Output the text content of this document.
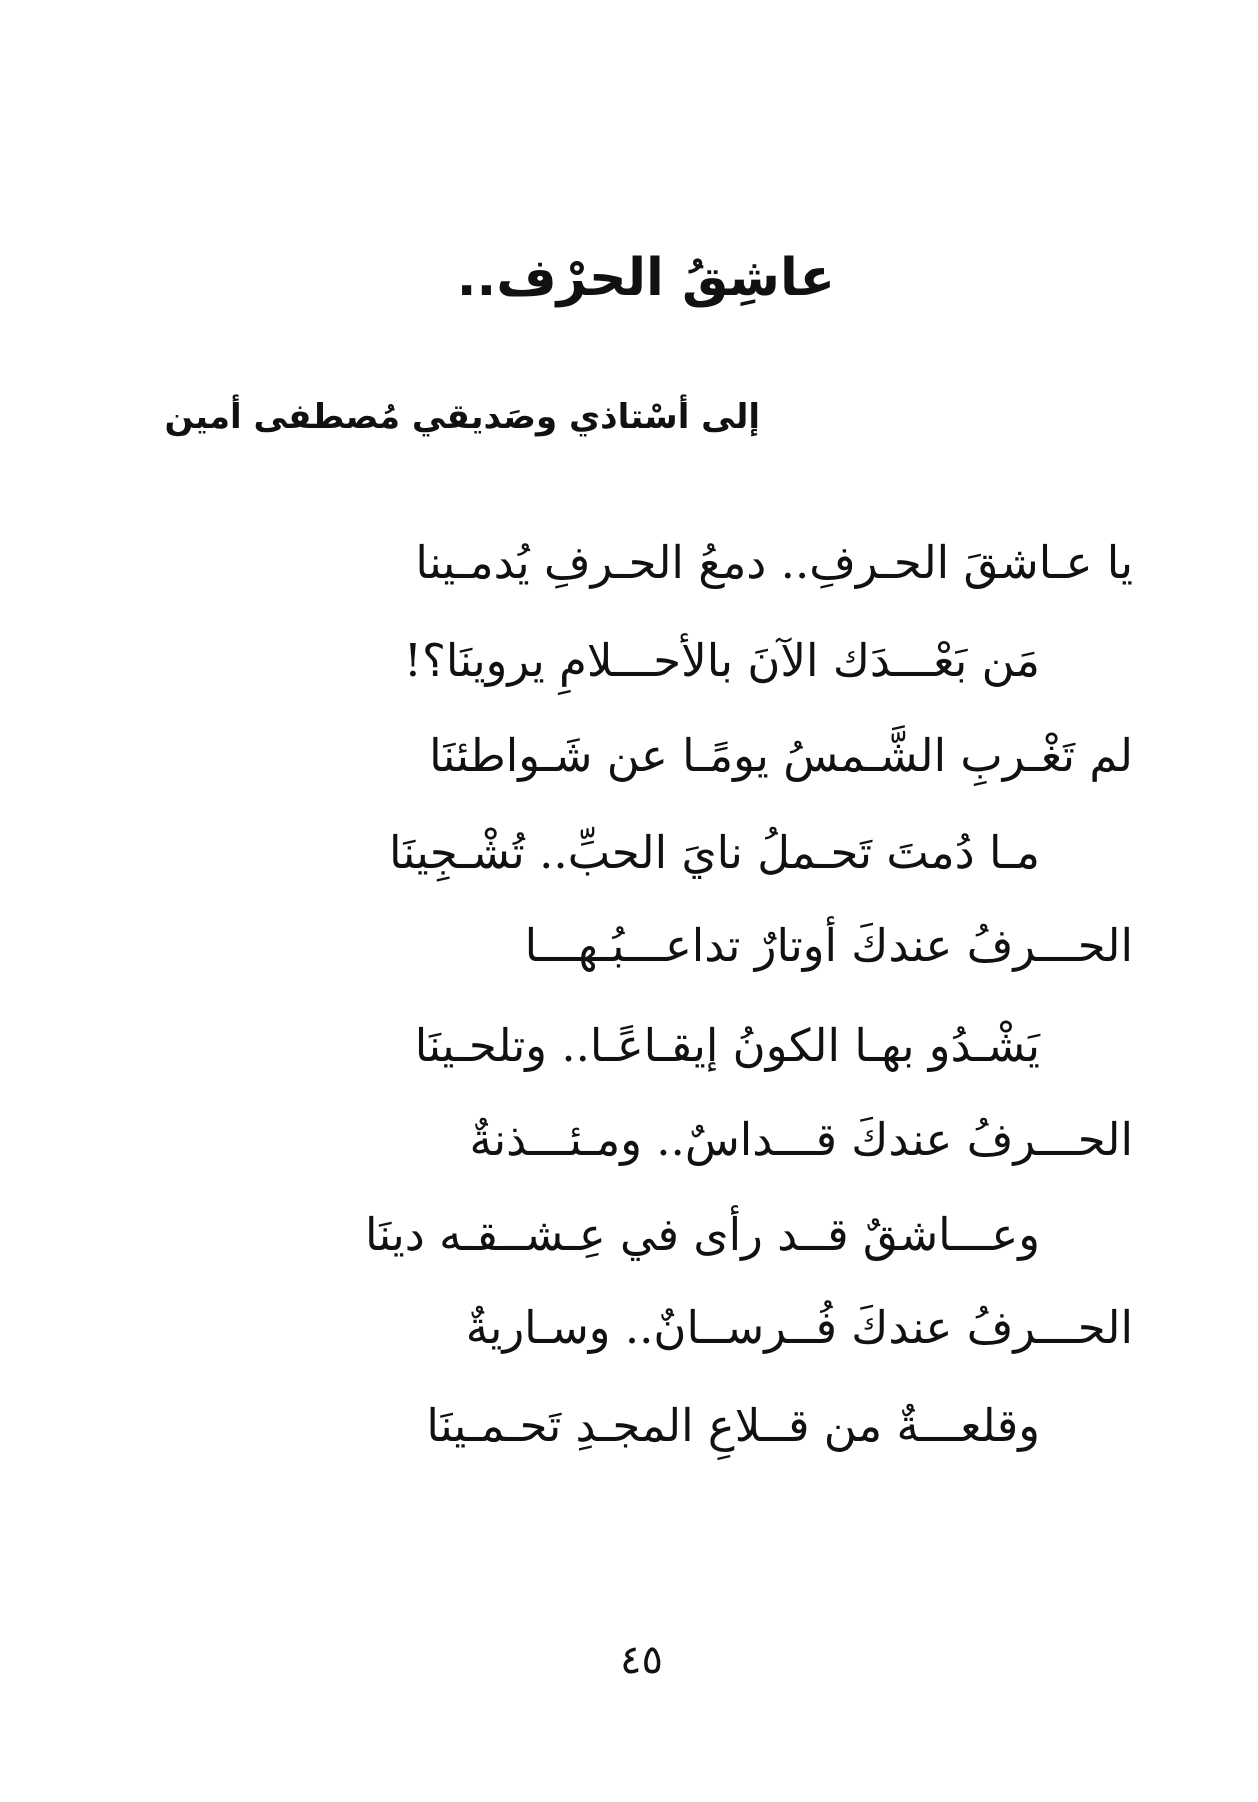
عاشِقُ الحرْف..
إلى أسْتاذي وصَديقي مُصطفى أمين
يا عـاشقَ الحـرفِ.. دمعُ الحـرفِ يُدمـينا
مَن بَعْـــدَك الآنَ بالأحـــلامِ يروينَا؟!
لم تَغْـربِ الشَّـمسُ يومًـا عن شَـواطئنَا
مـا دُمتَ تَحـملُ نايَ الحبِّ.. تُشْـجِينَا
الحـــرفُ عندكَ أوتارٌ تداعـــبُـهـــا
يَشْـدُو بهـا الكونُ إيقـاعًـا.. وتلحـينَا
الحـــرفُ عندكَ قـــداسٌ.. ومـئـــذنةٌ
وعـــاشقٌ قــد رأى في عِـشــقـه دينَا
الحـــرفُ عندكَ فُــرســانٌ.. وسـاريةٌ
وقلعـــةٌ من قــلاعِ المجـدِ تَحـمـينَا
٤٥
